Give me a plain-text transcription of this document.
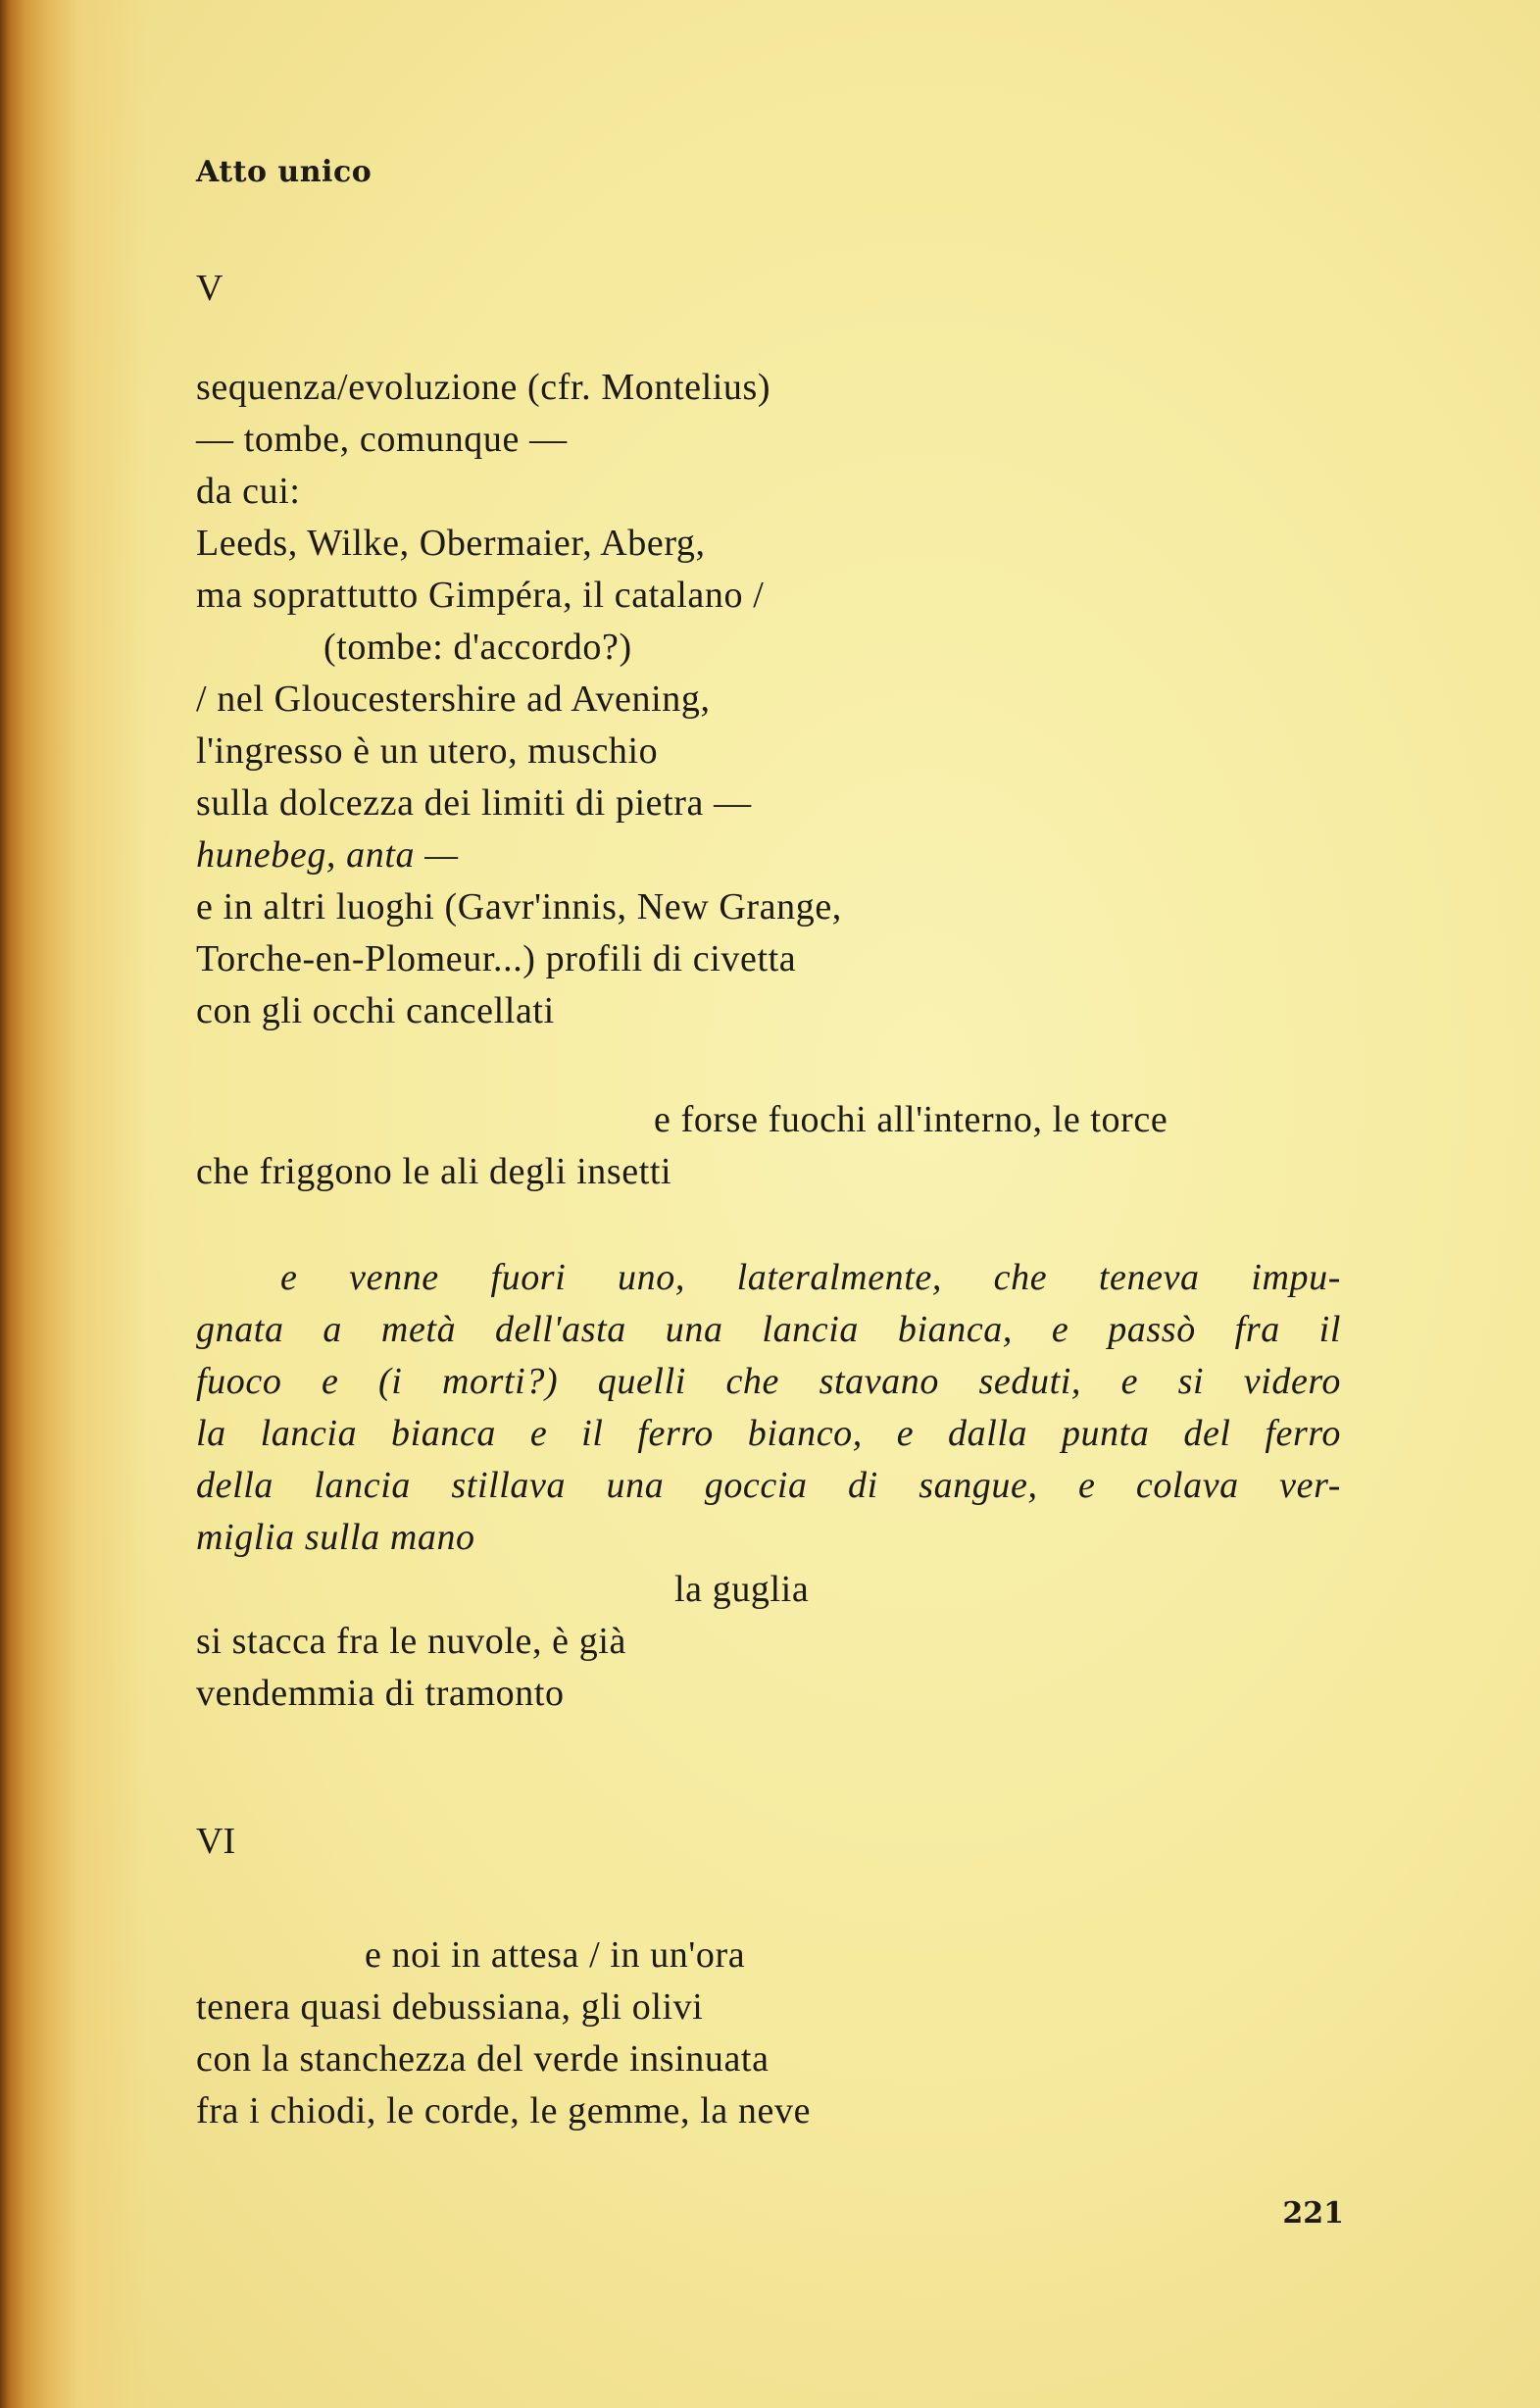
Atto unico
V
sequenza/evoluzione (cfr. Montelius)
— tombe, comunque —
da cui:
Leeds, Wilke, Obermaier, Aberg,
ma soprattutto Gimpéra, il catalano /
(tombe: d'accordo?)
/ nel Gloucestershire ad Avening,
l'ingresso è un utero, muschio
sulla dolcezza dei limiti di pietra —
hunebeg, anta —
e in altri luoghi (Gavr'innis, New Grange,
Torche-en-Plomeur...) profili di civetta
con gli occhi cancellati
e forse fuochi all'interno, le torce
che friggono le ali degli insetti
e venne fuori uno, lateralmente, che teneva impu-
gnata a metà dell'asta una lancia bianca, e passò fra il
fuoco e (i morti?) quelli che stavano seduti, e si videro
la lancia bianca e il ferro bianco, e dalla punta del ferro
della lancia stillava una goccia di sangue, e colava ver-
miglia sulla mano
la guglia
si stacca fra le nuvole, è già
vendemmia di tramonto
VI
e noi in attesa / in un'ora
tenera quasi debussiana, gli olivi
con la stanchezza del verde insinuata
fra i chiodi, le corde, le gemme, la neve
221
